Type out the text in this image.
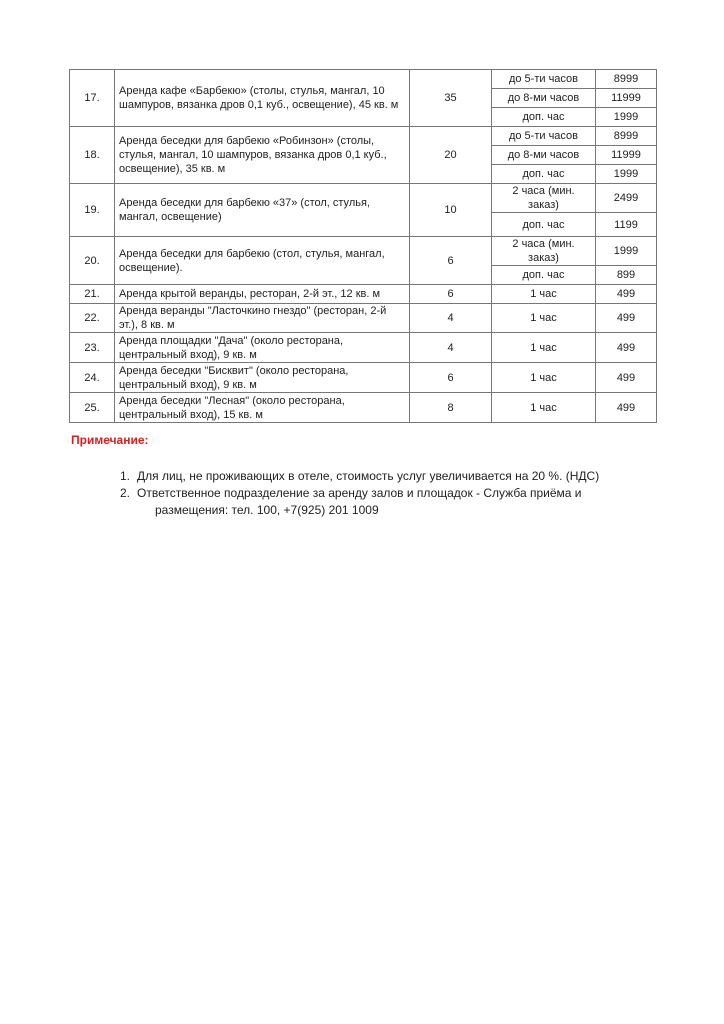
17.	Аренда кафе «Барбекю» (столы, стулья, мангал, 10 шампуров, вязанка дров 0,1 куб., освещение), 45 кв. м	35	до 5-ти часов	8999
			до 8-ми часов	11999
			доп. час	1999
18.	Аренда беседки для барбекю «Робинзон» (столы, стулья, мангал, 10 шампуров, вязанка дров 0,1 куб., освещение), 35 кв. м	20	до 5-ти часов	8999
			до 8-ми часов	11999
			доп. час	1999
19.	Аренда беседки для барбекю «37» (стол, стулья, мангал, освещение)	10	2 часа (мин. заказ)	2499
			доп. час	1199
20.	Аренда беседки для барбекю (стол, стулья, мангал, освещение).	6	2 часа (мин. заказ)	1999
			доп. час	899
21.	Аренда крытой веранды, ресторан, 2-й эт., 12 кв. м	6	1 час	499
22.	Аренда веранды "Ласточкино гнездо" (ресторан, 2-й эт.), 8 кв. м	4	1 час	499
23.	Аренда площадки "Дача" (около ресторана, центральный вход), 9 кв. м	4	1 час	499
24.	Аренда беседки "Бисквит" (около ресторана, центральный вход), 9 кв. м	6	1 час	499
25.	Аренда беседки "Лесная" (около ресторана, центральный вход), 15 кв. м	8	1 час	499
Примечание:
1. Для лиц, не проживающих в отеле, стоимость услуг увеличивается на 20 %. (НДС)
2. Ответственное подразделение за аренду залов и площадок - Служба приёма и
размещения: тел. 100, +7(925) 201 1009
